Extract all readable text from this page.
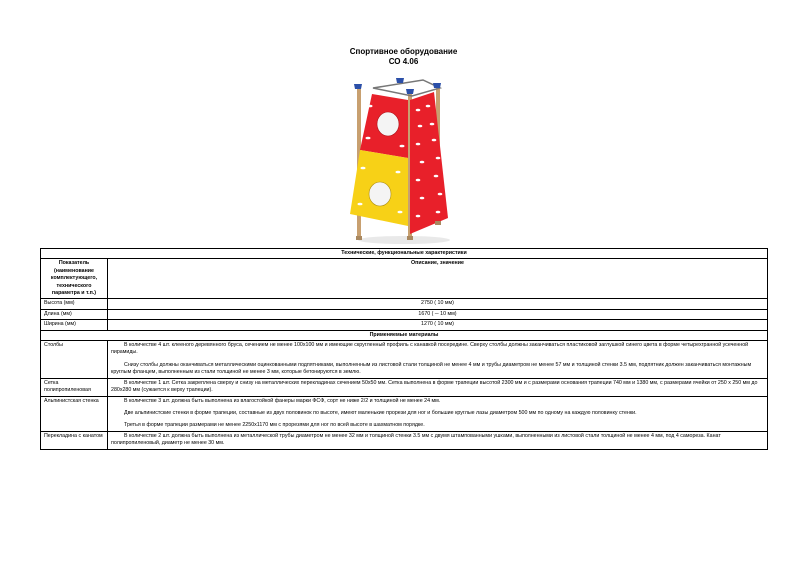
Спортивное оборудование
СО 4.06
Технические, функциональные характеристики	
Показатель (наименование комплектующего, технического параметра и т.п.)	Описание, значение
Высота (мм)	2750 ( 10 мм)
Длина (мм)	1670 ( ─ 10 мм)
Ширина (мм)	1270 ( 10 мм)
Применяемые материалы	
Столбы	В количестве 4 шт. клееного деревянного бруса, сечением не менее 100х100 мм и имеющие скругленный профиль с канавкой посередине. Сверху столбы должны заканчиваться пластиковой заглушкой синего цвета в форме четырехгранной усеченной пирамиды.

Снизу столбы должны оканчиваться металлическими оцинкованными подпятниками, выполненным из листовой стали толщиной не менее 4 мм и трубы диаметром не менее 57 мм и толщиной стенки 3.5 мм, подпятник должен заканчиваться монтажным круглым фланцем, выполненным из стали толщиной не менее 3 мм, которые бетонируются в землю.

Сетка полипропиленовая	В количестве 1 шт. Сетка закреплена сверху и снизу на металлических перекладинах сечением 50х50 мм. Сетка выполнена в форме трапеции высотой 2300 мм и с размерами основания трапеции 740 мм и 1380 мм, с размерами ячейки от 250 х 250 мм до 280х280 мм (сужается к верху трапеции).

Альпинистская стенка	В количестве 3 шт. должна быть выполнена из влагостойкой фанеры марки ФСФ, сорт не ниже 2/2 и толщиной не менее 24 мм.

Две альпинистские стенки в форме трапеции, составные из двух половинок по высоте, имеют маленькие прорези для ног и большие круглые лазы диаметром 500 мм по одному на каждую половинку стенки.

Третья в форме трапеции размерами не менее 2250х1170 мм с прорезями для ног по всей высоте в шахматном порядке.

Перекладина с канатом	В количестве 2 шт. должна быть выполнена из металлической трубы диаметром не менее 32 мм и толщиной стенки 3.5 мм с двумя штампованными ушками, выполненными из листовой стали толщиной не менее 4 мм, под 4 самореза. Канат полипропиленовый, диаметр не менее 30 мм.
